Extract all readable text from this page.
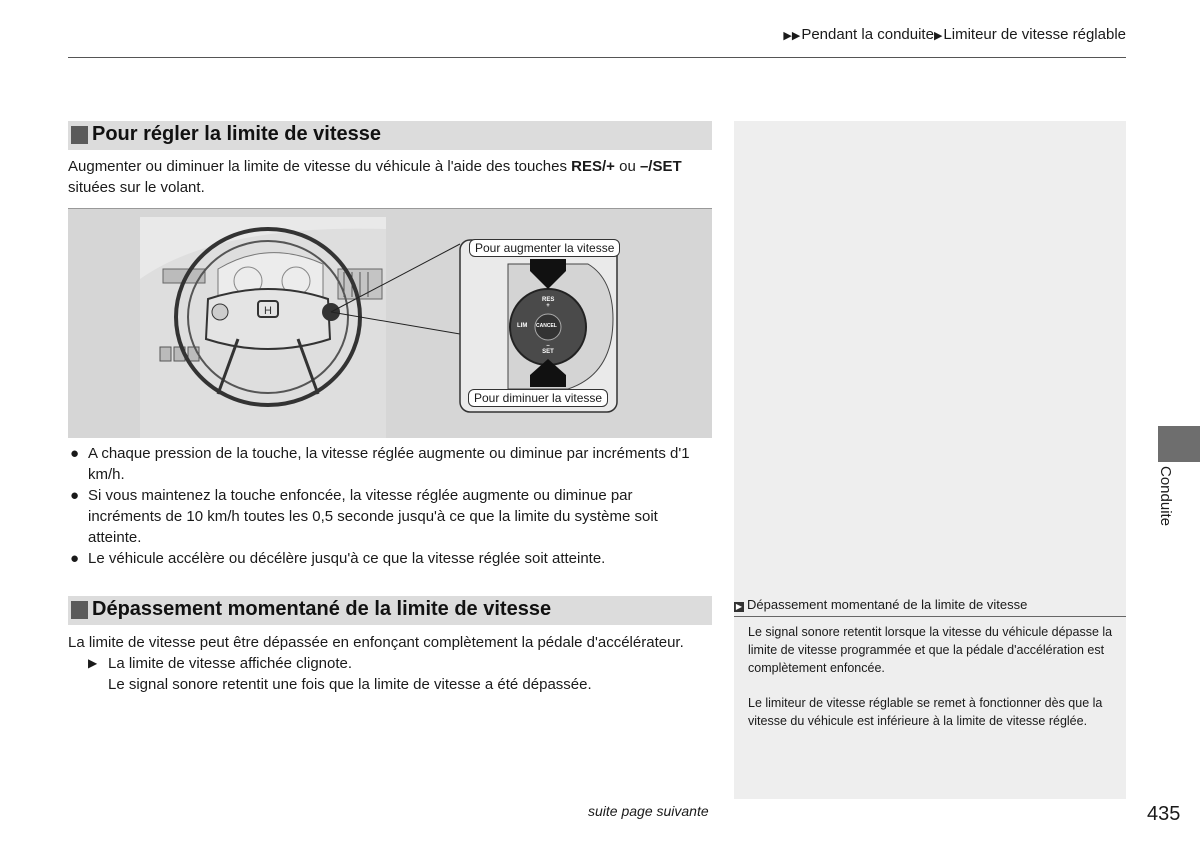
▶▶Pendant la conduite▶Limiteur de vitesse réglable
Pour régler la limite de vitesse
Augmenter ou diminuer la limite de vitesse du véhicule à l'aide des touches RES/+ ou –/SET
situées sur le volant.
H
RES
+
LIM CANCEL
–
SET
Pour augmenter la vitesse
Pour diminuer la vitesse
● A chaque pression de la touche, la vitesse réglée augmente ou diminue par incréments d'1 km/h.
● Si vous maintenez la touche enfoncée, la vitesse réglée augmente ou diminue par incréments de 10 km/h toutes les 0,5 seconde jusqu'à ce que la limite du système soit atteinte.
● Le véhicule accélère ou décélère jusqu'à ce que la vitesse réglée soit atteinte.
Dépassement momentané de la limite de vitesse
La limite de vitesse peut être dépassée en enfonçant complètement la pédale d'accélérateur.
▶ La limite de vitesse affichée clignote.
Le signal sonore retentit une fois que la limite de vitesse a été dépassée.
▶ Dépassement momentané de la limite de vitesse
Le signal sonore retentit lorsque la vitesse du véhicule dépasse la limite de vitesse programmée et que la pédale d'accélération est complètement enfoncée.
Le limiteur de vitesse réglable se remet à fonctionner dès que la vitesse du véhicule est inférieure à la limite de vitesse réglée.
Conduite
suite page suivante	435
